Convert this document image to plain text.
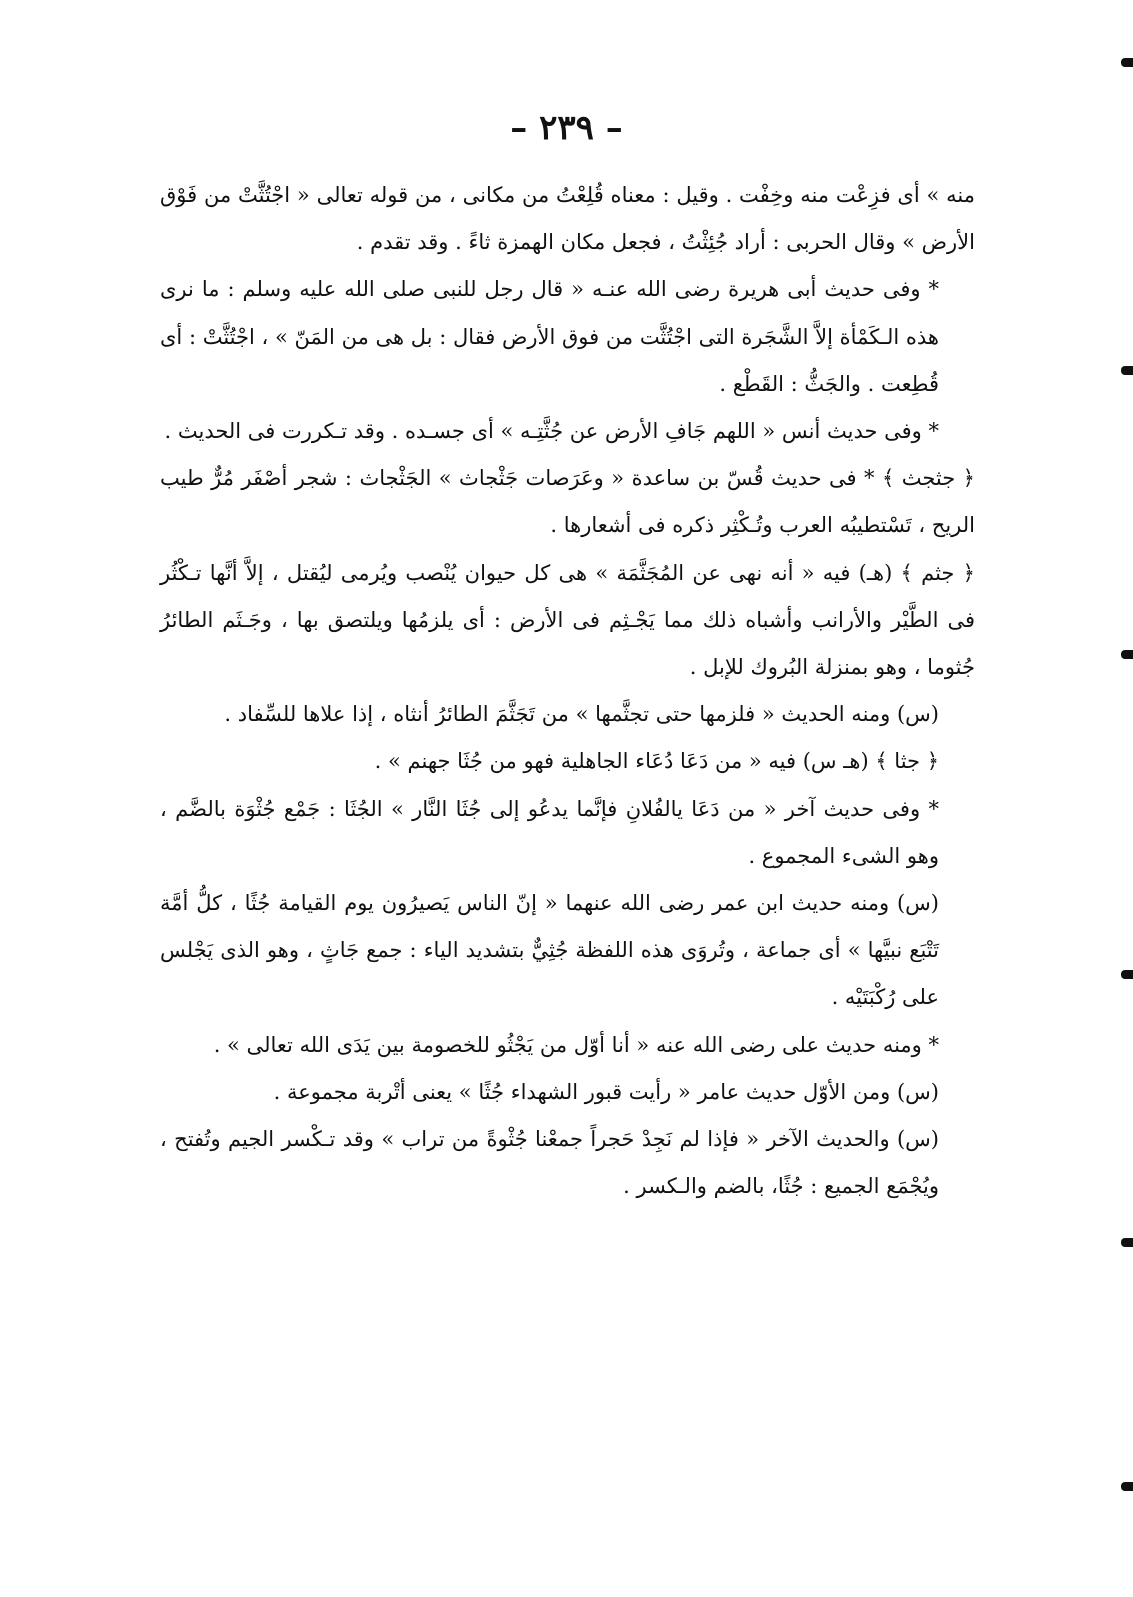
– ٢٣٩ –

منه » أى فزِعْت منه وخِفْت . وقيل : معناه قُلِعْتُ من مكانى ، من قوله تعالى « اجْتُثَّتْ من فَوْق الأرض » وقال الحربى : أراد جُئِثْتُ ، فجعل مكان الهمزة ثاءً . وقد تقدم .

* وفى حديث أبى هريرة رضى الله عنـه « قال رجل للنبى صلى الله عليه وسلم : ما نرى هذه الـكَمْأة إلاَّ الشَّجَرة التى اجْتُثَّت من فوق الأرض فقال : بل هى من المَنّ » ، اجْتُثَّتْ : أى قُطِعت . والجَثُّ : القَطْع .

* وفى حديث أنس « اللهم جَافِ الأرض عن جُثَّتِـه » أى جسـده . وقد تـكررت فى الحديث .

﴿ جثجث ﴾ * فى حديث قُسّ بن ساعدة « وعَرَصات جَثْجاث » الجَثْجاث : شجر أصْفَر مُرٌّ طيب الريح ، تَسْتطيبُه العرب وتُـكْثِر ذكره فى أشعارها .

﴿ جثم ﴾ (هـ) فيه « أنه نهى عن المُجَثَّمَة » هى كل حيوان يُنْصب ويُرمى ليُقتل ، إلاَّ أنَّها تـكْثُر فى الطَّيْر والأرانب وأشباه ذلك مما يَجْـثِم فى الأرض : أى يلزمُها ويلتصق بها ، وجَـثَم الطائرُ جُثوما ، وهو بمنزلة البُروك للإبل .

(س) ومنه الحديث « فلزمها حتى تجثَّمها » من تَجَثَّمَ الطائرُ أنثاه ، إذا علاها للسِّفاد .

﴿ جثا ﴾ (هـ س) فيه « من دَعَا دُعَاء الجاهلية فهو من جُثَا جهنم » .

* وفى حديث آخر « من دَعَا يالفُلانِ فإنَّما يدعُو إلى جُثَا النَّار » الجُثَا : جَمْع جُثْوَة بالضَّم ، وهو الشىء المجموع .

(س) ومنه حديث ابن عمر رضى الله عنهما « إنّ الناس يَصيرُون يوم القيامة جُثًا ، كلُّ أمَّة تَتْبَع نبيَّها » أى جماعة ، وتُروَى هذه اللفظة جُثِيٌّ بتشديد الياء : جمع جَاثٍ ، وهو الذى يَجْلس على رُكْبَتَيْه .

* ومنه حديث على رضى الله عنه « أنا أوّل من يَجْثُو للخصومة بين يَدَى الله تعالى » .

(س) ومن الأوّل حديث عامر « رأيت قبور الشهداء جُثًا » يعنى أتْربة مجموعة .

(س) والحديث الآخر « فإذا لم نَجِدْ حَجراً جمعْنا جُثْوةً من تراب » وقد تـكْسر الجيم وتُفتح ، ويُجْمَع الجميع : جُثًا، بالضم والـكسر .
